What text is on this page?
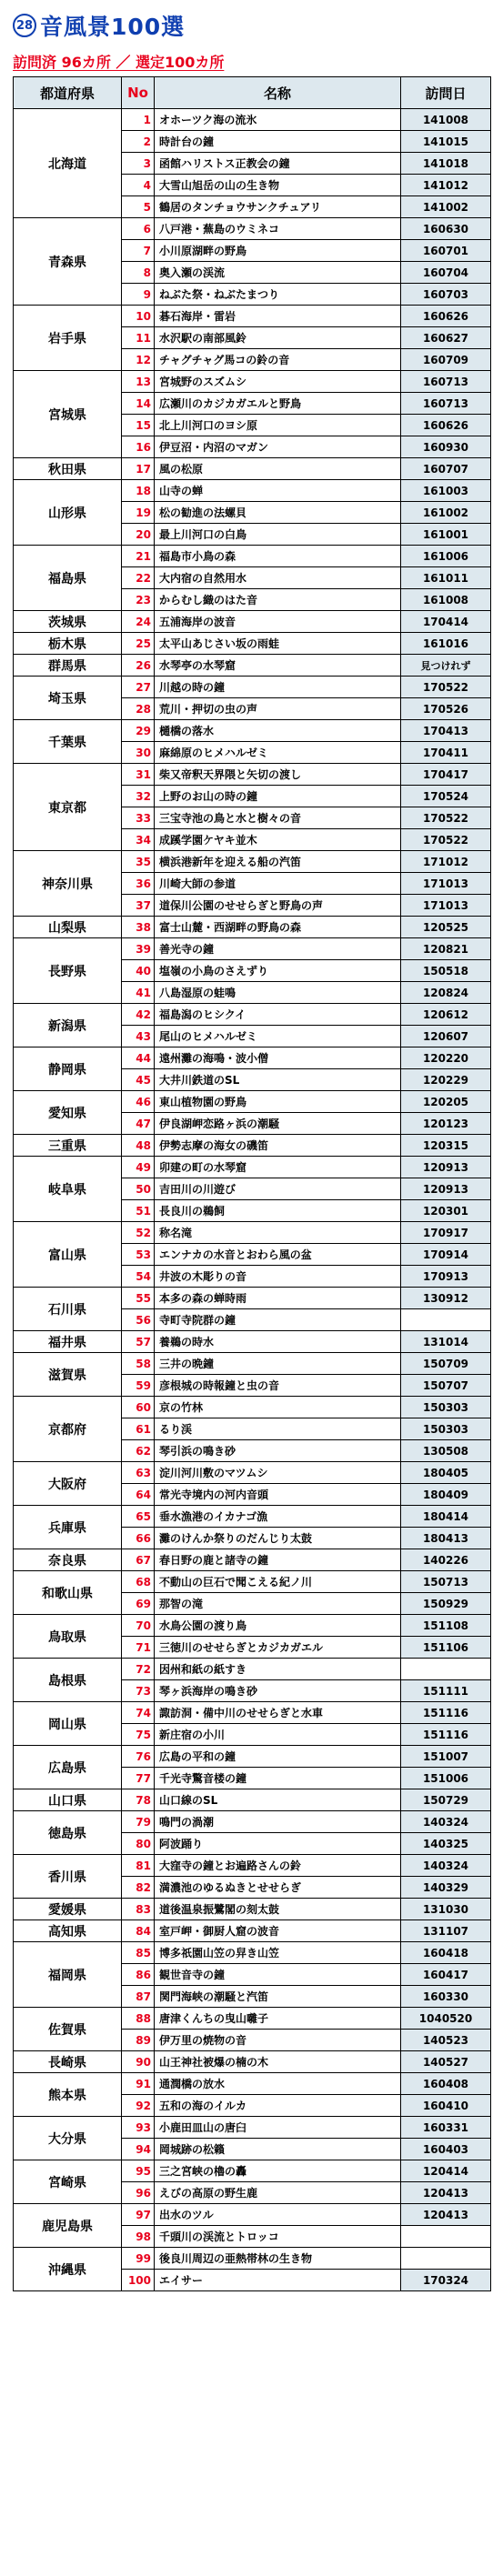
28 音風景100選
訪問済 96カ所 ／ 選定100カ所
都道府県	No	名称	訪問日
北海道	1	オホーツク海の流氷	141008
	2	時計台の鐘	141015
	3	函館ハリストス正教会の鐘	141018
	4	大雪山旭岳の山の生き物	141012
	5	鶴居のタンチョウサンクチュアリ	141002
青森県	6	八戸港・蕪島のウミネコ	160630
	7	小川原湖畔の野鳥	160701
	8	奥入瀬の渓流	160704
	9	ねぶた祭・ねぶたまつり	160703
岩手県	10	碁石海岸・雷岩	160626
	11	水沢駅の南部風鈴	160627
	12	チャグチャグ馬コの鈴の音	160709
宮城県	13	宮城野のスズムシ	160713
	14	広瀬川のカジカガエルと野鳥	160713
	15	北上川河口のヨシ原	160626
	16	伊豆沼・内沼のマガン	160930
秋田県	17	風の松原	160707
山形県	18	山寺の蝉	161003
	19	松の勧進の法螺貝	161002
	20	最上川河口の白鳥	161001
福島県	21	福島市小鳥の森	161006
	22	大内宿の自然用水	161011
	23	からむし織のはた音	161008
茨城県	24	五浦海岸の波音	170414
栃木県	25	太平山あじさい坂の雨蛙	161016
群馬県	26	水琴亭の水琴窟	見つけれず
埼玉県	27	川越の時の鐘	170522
	28	荒川・押切の虫の声	170526
千葉県	29	樋橋の落水	170413
	30	麻綿原のヒメハルゼミ	170411
東京都	31	柴又帝釈天界隈と矢切の渡し	170417
	32	上野のお山の時の鐘	170524
	33	三宝寺池の鳥と水と樹々の音	170522
	34	成蹊学園ケヤキ並木	170522
神奈川県	35	横浜港新年を迎える船の汽笛	171012
	36	川崎大師の参道	171013
	37	道保川公園のせせらぎと野鳥の声	171013
山梨県	38	富士山麓・西湖畔の野鳥の森	120525
長野県	39	善光寺の鐘	120821
	40	塩嶺の小鳥のさえずり	150518
	41	八島湿原の蛙鳴	120824
新潟県	42	福島潟のヒシクイ	120612
	43	尾山のヒメハルゼミ	120607
静岡県	44	遠州灘の海鳴・波小僧	120220
	45	大井川鉄道のSL	120229
愛知県	46	東山植物園の野鳥	120205
	47	伊良湖岬恋路ヶ浜の潮騒	120123
三重県	48	伊勢志摩の海女の磯笛	120315
岐阜県	49	卯建の町の水琴窟	120913
	50	吉田川の川遊び	120913
	51	長良川の鵜飼	120301
富山県	52	称名滝	170917
	53	エンナカの水音とおわら風の盆	170914
	54	井波の木彫りの音	170913
石川県	55	本多の森の蝉時雨	130912
	56	寺町寺院群の鐘	
福井県	57	養鵜の時水	131014
滋賀県	58	三井の晩鐘	150709
	59	彦根城の時報鐘と虫の音	150707
京都府	60	京の竹林	150303
	61	るり渓	150303
	62	琴引浜の鳴き砂	130508
大阪府	63	淀川河川敷のマツムシ	180405
	64	常光寺境内の河内音頭	180409
兵庫県	65	垂水漁港のイカナゴ漁	180414
	66	灘のけんか祭りのだんじり太鼓	180413
奈良県	67	春日野の鹿と諸寺の鐘	140226
和歌山県	68	不動山の巨石で聞こえる紀ノ川	150713
	69	那智の滝	150929
鳥取県	70	水鳥公園の渡り鳥	151108
	71	三徳川のせせらぎとカジカガエル	151106
島根県	72	因州和紙の紙すき	
	73	琴ヶ浜海岸の鳴き砂	151111
岡山県	74	諏訪洞・備中川のせせらぎと水車	151116
	75	新庄宿の小川	151116
広島県	76	広島の平和の鐘	151007
	77	千光寺驚音楼の鐘	151006
山口県	78	山口線のSL	150729
徳島県	79	鳴門の渦潮	140324
	80	阿波踊り	140325
香川県	81	大窪寺の鐘とお遍路さんの鈴	140324
	82	満濃池のゆるぬきとせせらぎ	140329
愛媛県	83	道後温泉振鷺閣の刻太鼓	131030
高知県	84	室戸岬・御厨人窟の波音	131107
福岡県	85	博多祇園山笠の舁き山笠	160418
	86	観世音寺の鐘	160417
	87	関門海峡の潮騒と汽笛	160330
佐賀県	88	唐津くんちの曳山囃子	1040520
	89	伊万里の焼物の音	140523
長崎県	90	山王神社被爆の楠の木	140527
熊本県	91	通潤橋の放水	160408
	92	五和の海のイルカ	160410
大分県	93	小鹿田皿山の唐臼	160331
	94	岡城跡の松籟	160403
宮崎県	95	三之宮峡の櫓の轟	120414
	96	えびの高原の野生鹿	120413
鹿児島県	97	出水のツル	120413
	98	千頭川の渓流とトロッコ	
沖縄県	99	後良川周辺の亜熱帯林の生き物	
	100	エイサー	170324
